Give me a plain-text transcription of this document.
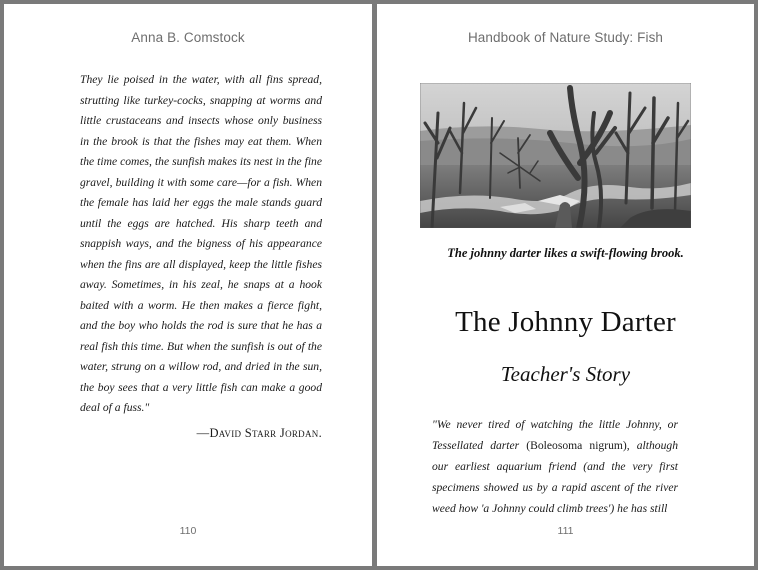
Anna B. Comstock

They lie poised in the water, with all fins spread, strutting like turkey-cocks, snapping at worms and little crustaceans and insects whose only business in the brook is that the fishes may eat them. When the time comes, the sunfish makes its nest in the fine gravel, building it with some care—for a fish. When the female has laid her eggs the male stands guard until the eggs are hatched. His sharp teeth and snappish ways, and the bigness of his appearance when the fins are all displayed, keep the little fishes away. Sometimes, in his zeal, he snaps at a hook baited with a worm. He then makes a fierce fight, and the boy who holds the rod is sure that he has a real fish this time. But when the sunfish is out of the water, strung on a willow rod, and dried in the sun, the boy sees that a very little fish can make a good deal of a fuss."

—David Starr Jordan.
110
Handbook of Nature Study: Fish
The johnny darter likes a swift-flowing brook.
The Johnny Darter
Teacher's Story

"We never tired of watching the little Johnny, or Tessellated darter (Boleosoma nigrum), although our earliest aquarium friend (and the very first specimens showed us by a rapid ascent of the river weed how 'a Johnny could climb trees') he has still

111
